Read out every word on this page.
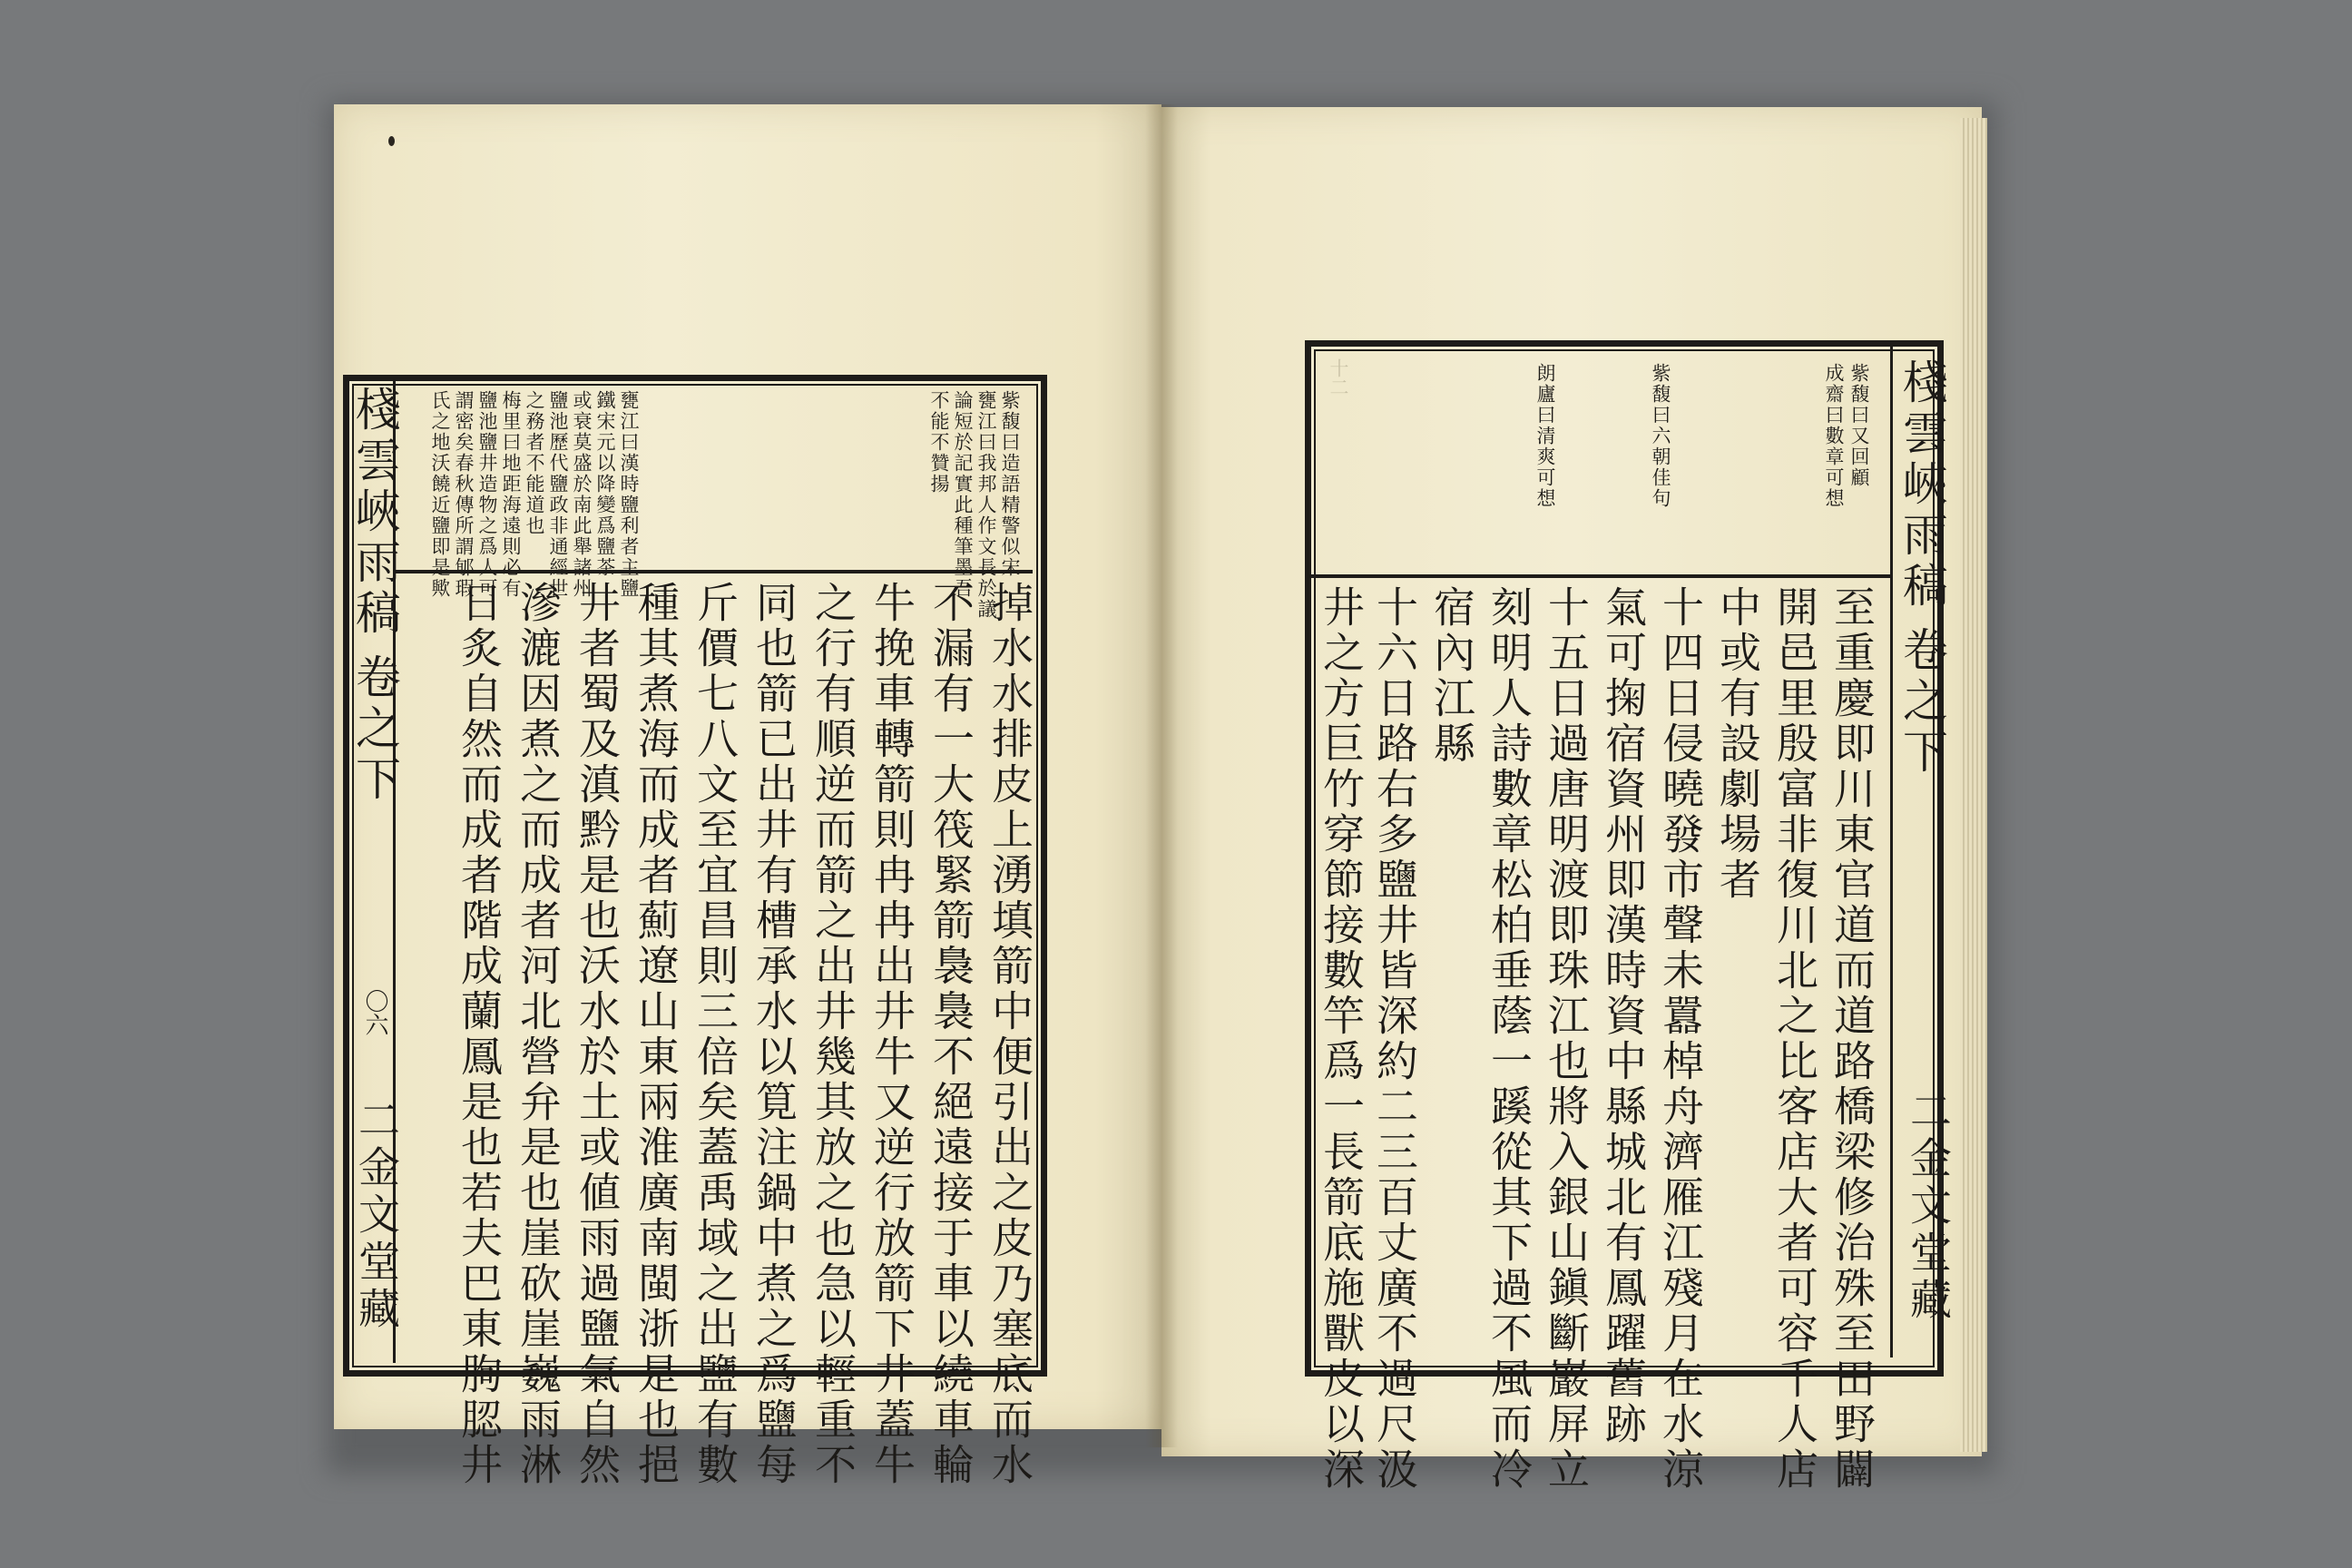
棧雲峽雨稿
卷之下
〇六
二金文堂藏
紫馥曰造語精警似宋
甕江曰我邦人作文長於議
論短於記實此種筆墨吾
不能不贊揚
甕江曰漢時鹽利者主鹽
鐵宋元以降變爲鹽茶
或衰莫盛於南此舉諸州
鹽池歷代鹽政非通經世
之務者不能道也
梅里曰地距海遠則必有
鹽池鹽井造物之爲人可
謂密矣春秋傳所謂郇瑕
氏之地沃饒近鹽即是歟
掉水水排皮上湧填箭中便引出之皮乃塞底而水
不漏有一大筏緊箭裊裊不絕遠接于車以繞車輪
牛挽車轉箭則冉冉出井牛又逆行放箭下井蓋牛
之行有順逆而箭之出井幾其放之也急以輕重不
同也箭已出井有槽承水以筧注鍋中煮之爲鹽每
斤價七八文至宜昌則三倍矣蓋禹域之出鹽有數
種其煮海而成者薊遼山東兩淮廣南閩浙是也挹
井者蜀及滇黔是也沃水於土或値雨過鹽氣自然
滲漉因煮之而成者河北營弁是也崖砍崖巍雨淋
日炙自然而成者階成蘭鳳是也若夫巴東朐䏰井
棧雲峽雨稿
卷之下
二金文堂藏
十二	紫馥曰又回顧
成齋曰數章可想
紫馥曰六朝佳句
朗廬曰清爽可想
至重慶即川東官道而道路橋梁修治殊至田野闢
開邑里殷富非復川北之比客店大者可容千人店
中或有設劇場者
十四日侵曉發市聲未囂棹舟濟雁江殘月在水涼
氣可掬宿資州即漢時資中縣城北有鳳躍舊跡
十五日過唐明渡即珠江也將入銀山鎭斷巖屏立
刻明人詩數章松柏垂蔭一蹊從其下過不風而冷
宿內江縣
十六日路右多鹽井皆深約二三百丈廣不過尺汲
井之方巨竹穿節接數竿爲一長箭底施獸皮以深
